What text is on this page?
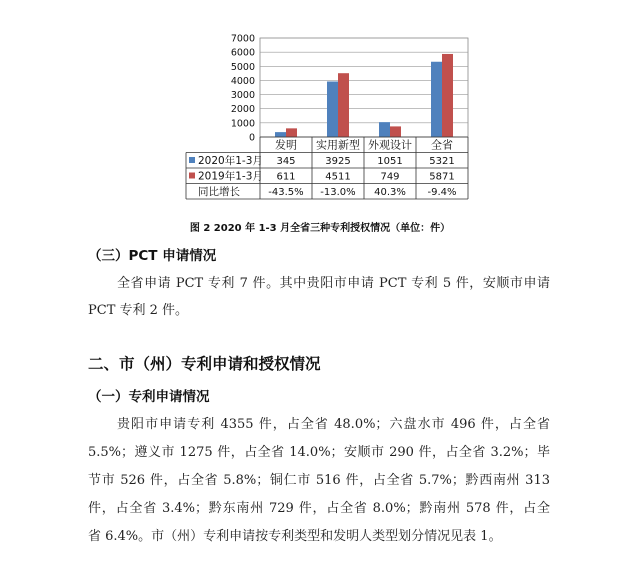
0
1000
2000
3000
4000
5000
6000
7000
发明 实用新型 外观设计 全省
2020年1-3月 345	3925	1051	5321
2019年1-3月 611	4511	749	5871
同比增长	-43.5% -13.0% 40.3% -9.4%
图 2 2020 年 1-3 月全省三种专利授权情况（单位：件）
（三）PCT 申请情况
全省申请 PCT 专利 7 件。其中贵阳市申请 PCT 专利 5 件，安顺市申请
PCT 专利 2 件。
二、市（州）专利申请和授权情况
（一）专利申请情况
贵阳市申请专利 4355 件，占全省 48.0%；六盘水市 496 件，占全省
5.5%；遵义市 1275 件，占全省 14.0%；安顺市 290 件，占全省 3.2%；毕
节市 526 件，占全省 5.8%；铜仁市 516 件，占全省 5.7%；黔西南州 313
件，占全省 3.4%；黔东南州 729 件，占全省 8.0%；黔南州 578 件，占全
省 6.4%。市（州）专利申请按专利类型和发明人类型划分情况见表 1。
